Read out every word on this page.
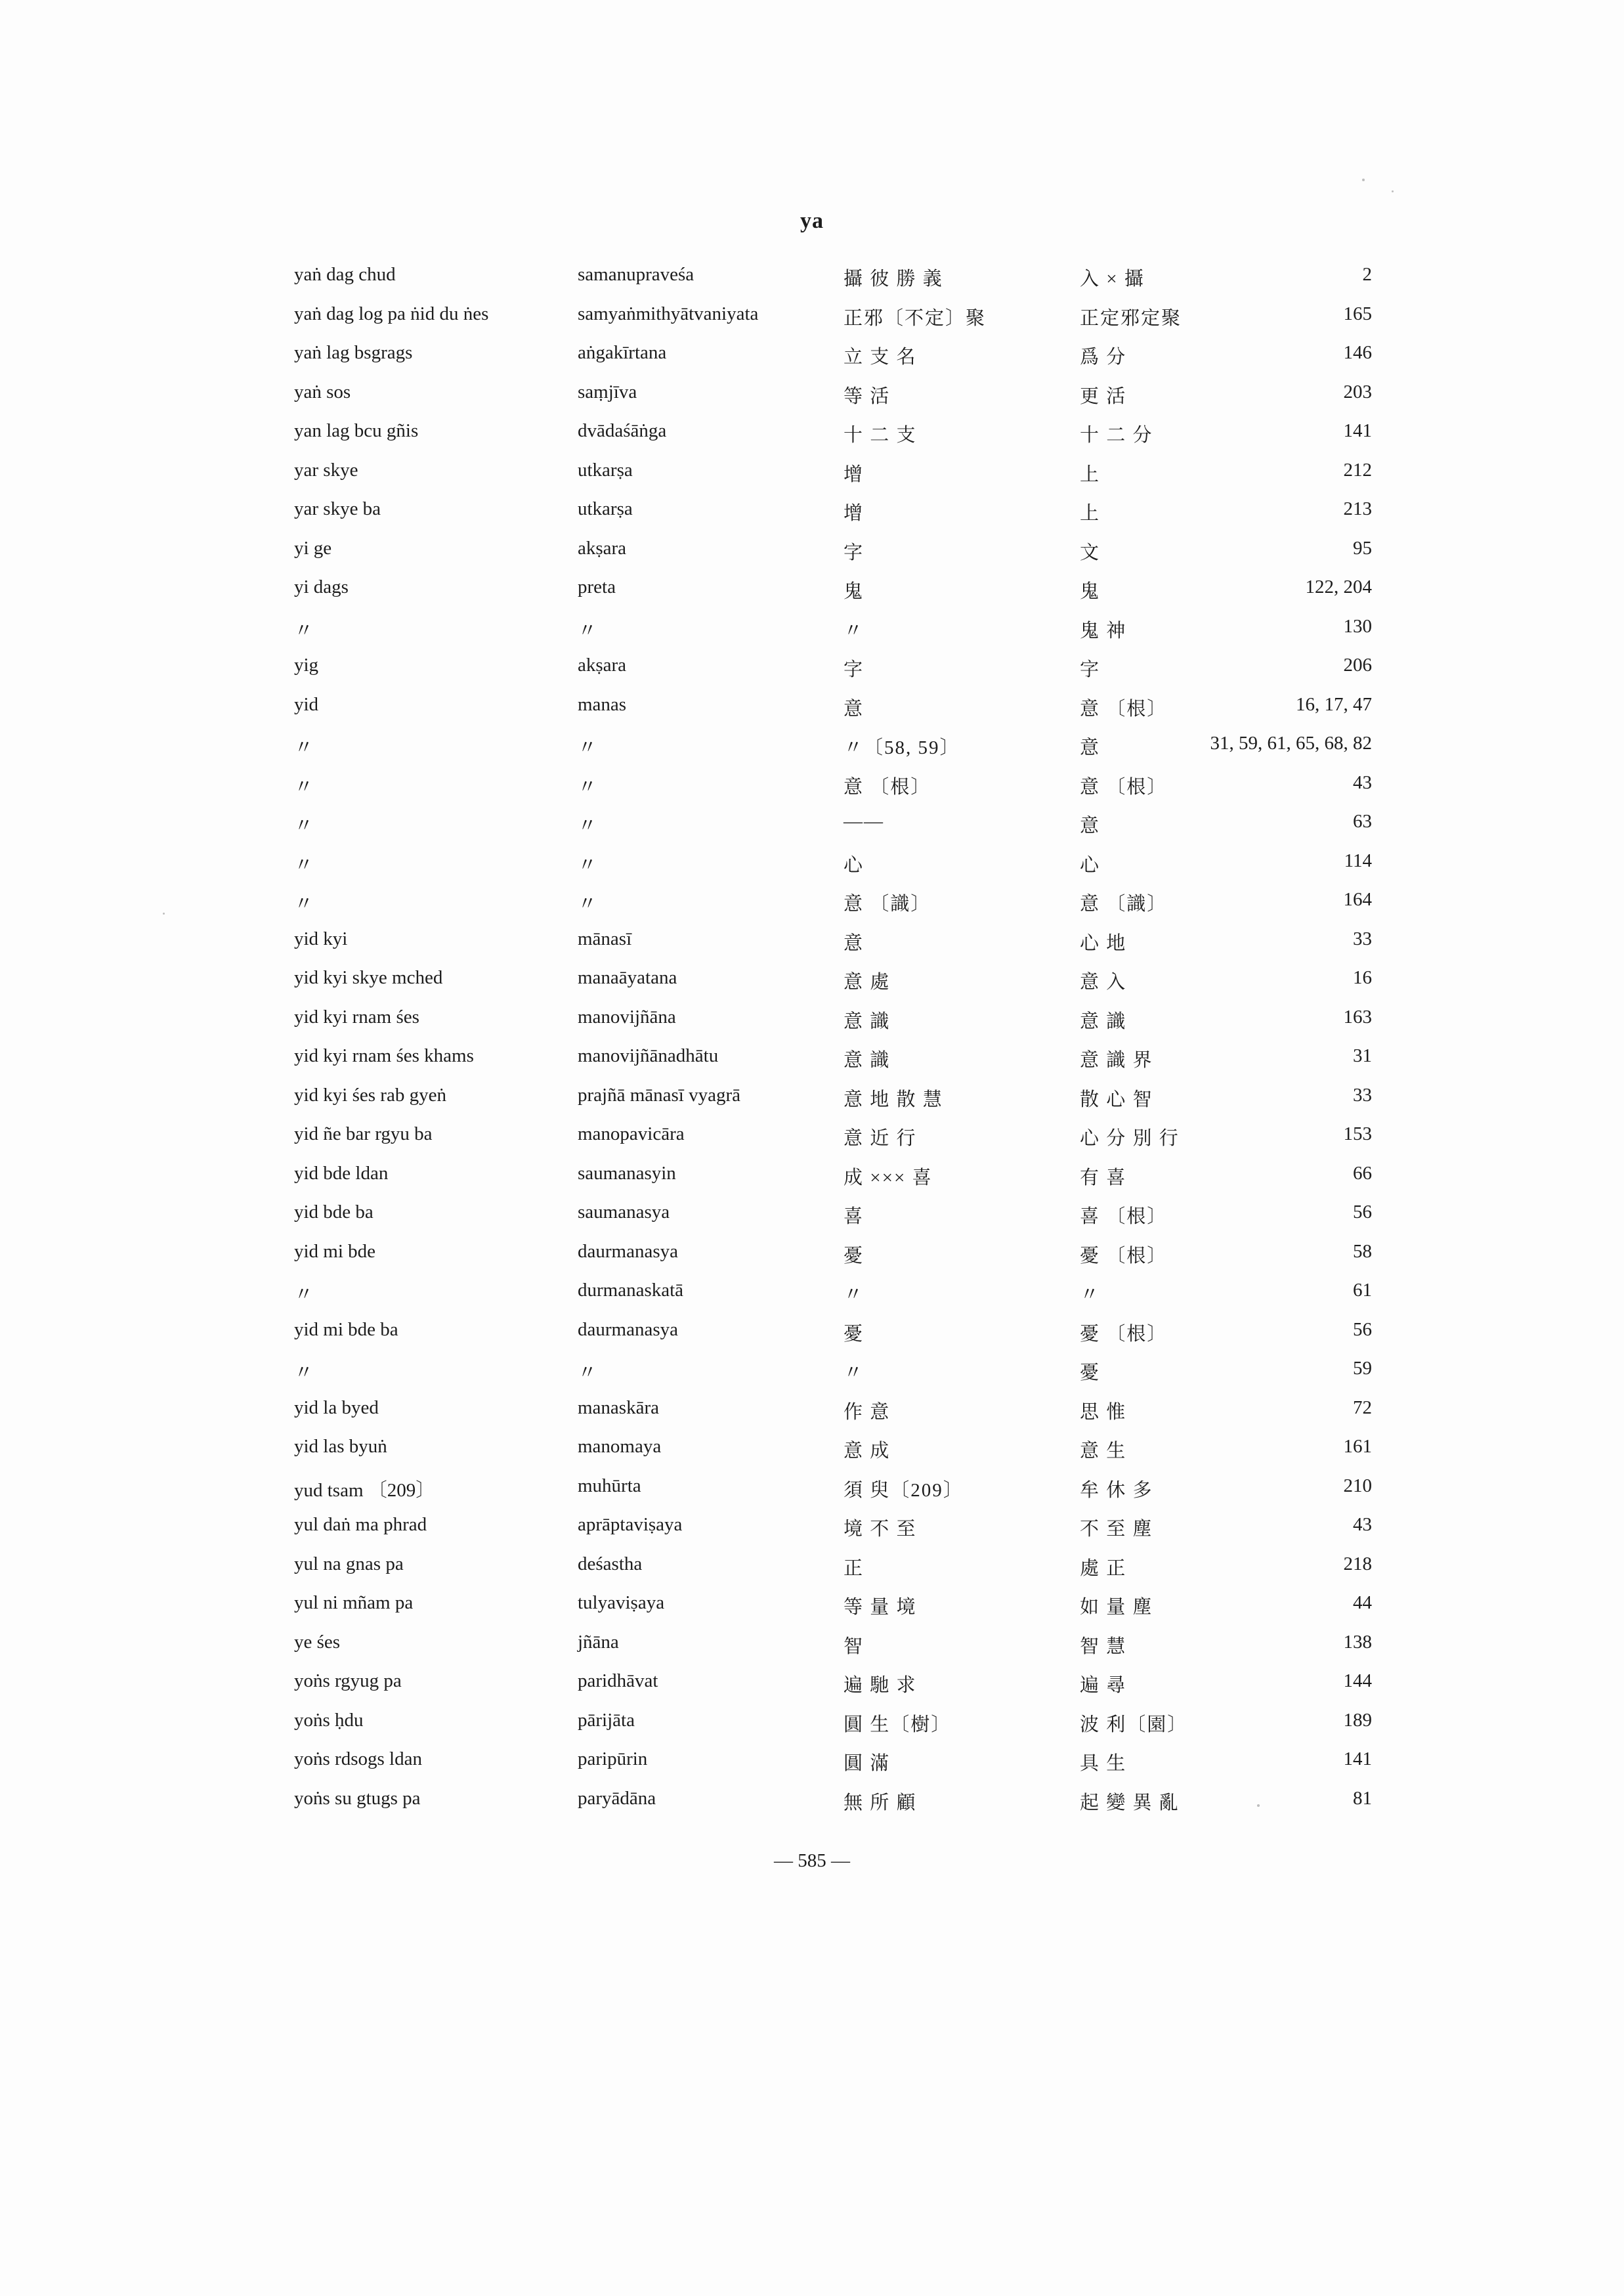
ya
yaṅ dag chud	samanupraveśa	攝 彼 勝 義	入 × 攝	2
yaṅ dag log pa ṅid du ṅes	samyaṅmithyātvaniyata	正邪〔不定〕聚	正定邪定聚	165
yaṅ lag bsgrags	aṅgakīrtana	立 支 名	爲 分	146
yaṅ sos	saṃjīva	等 活	更 活	203
yan lag bcu gñis	dvādaśāṅga	十 二 支	十 二 分	141
yar skye	utkarṣa	增	上	212
yar skye ba	utkarṣa	增	上	213
yi ge	akṣara	字	文	95
yi dags	preta	鬼	鬼	122, 204
〃	〃	〃	鬼 神	130
yig	akṣara	字	字	206
yid	manas	意	意 〔根〕	16, 17, 47
〃	〃	〃〔58, 59〕	意	31, 59, 61, 65, 68, 82
〃	〃	意 〔根〕	意 〔根〕	43
〃	〃	——	意	63
〃	〃	心	心	114
〃	〃	意 〔識〕	意 〔識〕	164
yid kyi	mānasī	意	心 地	33
yid kyi skye mched	manaāyatana	意 處	意 入	16
yid kyi rnam śes	manovijñāna	意 識	意 識	163
yid kyi rnam śes khams	manovijñānadhātu	意 識	意 識 界	31
yid kyi śes rab gyeṅ	prajñā mānasī vyagrā	意 地 散 慧	散 心 智	33
yid ñe bar rgyu ba	manopavicāra	意 近 行	心 分 別 行	153
yid bde ldan	saumanasyin	成 ××× 喜	有 喜	66
yid bde ba	saumanasya	喜	喜 〔根〕	56
yid mi bde	daurmanasya	憂	憂 〔根〕	58
〃	durmanaskatā	〃	〃	61
yid mi bde ba	daurmanasya	憂	憂 〔根〕	56
〃	〃	〃	憂	59
yid la byed	manaskāra	作 意	思 惟	72
yid las byuṅ	manomaya	意 成	意 生	161
yud tsam 〔209〕	muhūrta	須 臾〔209〕	牟 休 多	210
yul daṅ ma phrad	aprāptaviṣaya	境 不 至	不 至 塵	43
yul na gnas pa	deśastha	正	處 正	218
yul ni mñam pa	tulyaviṣaya	等 量 境	如 量 塵	44
ye śes	jñāna	智	智 慧	138
yoṅs rgyug pa	paridhāvat	遍 馳 求	遍 尋	144
yoṅs ḥdu	pārijāta	圓 生〔樹〕	波 利〔園〕	189
yoṅs rdsogs ldan	paripūrin	圓 滿	具 生	141
yoṅs su gtugs pa	paryādāna	無 所 顧	起 變 異 亂	81
— 585 —
